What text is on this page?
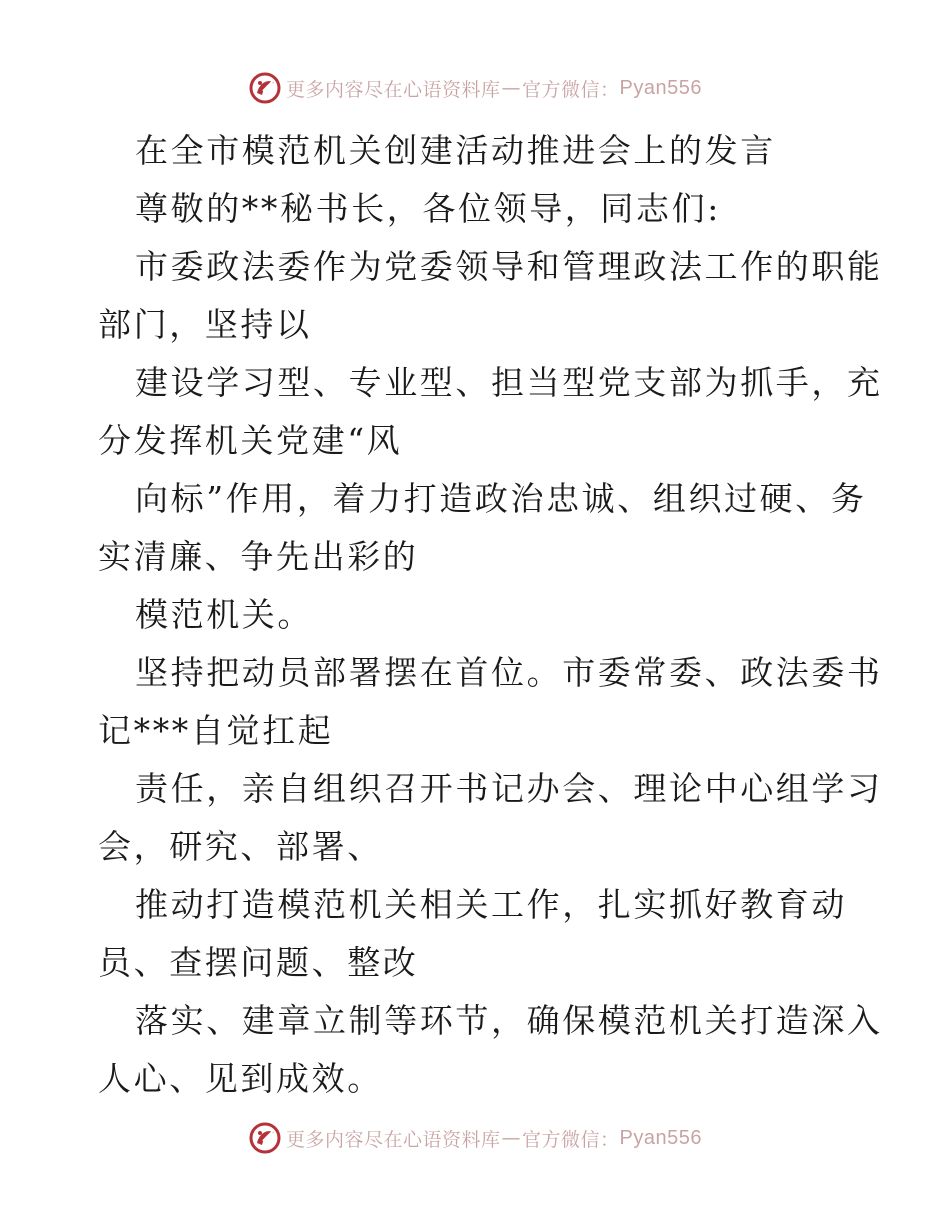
更多内容尽在心语资料库 — 官方微信： Pyan556
在全市模范机关创建活动推进会上的发言
尊敬的**秘书长，各位领导，同志们:
市委政法委作为党委领导和管理政法工作的职能
部门，坚持以
建设学习型、专业型、担当型党支部为抓手，充
分发挥机关党建“风
向标”作用，着力打造政治忠诚、组织过硬、务
实清廉、争先出彩的
模范机关。
坚持把动员部署摆在首位。市委常委、政法委书
记***自觉扛起
责任，亲自组织召开书记办会、理论中心组学习
会，研究、部署、
推动打造模范机关相关工作，扎实抓好教育动
员、查摆问题、整改
落实、建章立制等环节，确保模范机关打造深入
人心、见到成效。
更多内容尽在心语资料库 — 官方微信： Pyan556
